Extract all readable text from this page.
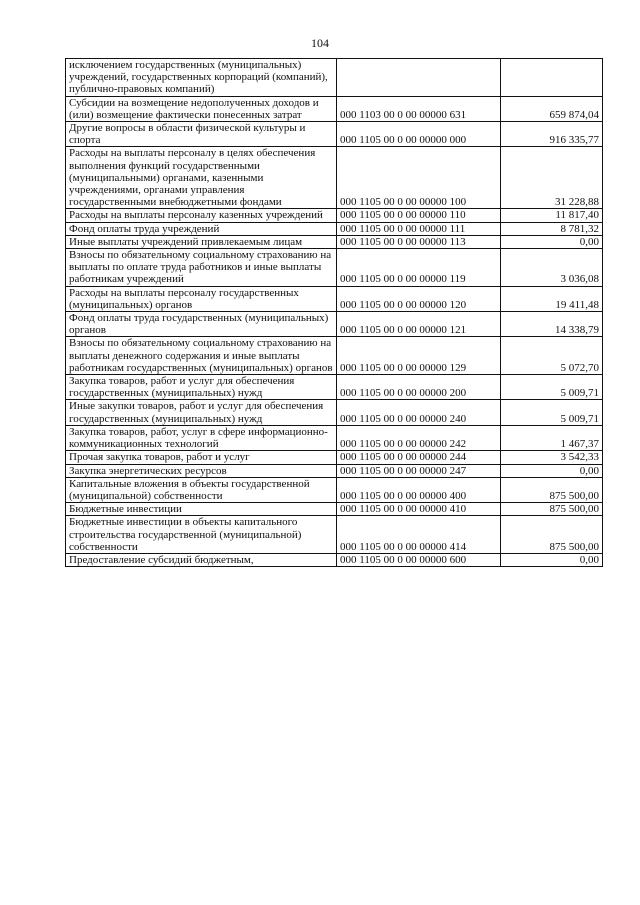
104
исключением государственных (муниципальных) учреждений, государственных корпораций (компаний), публично-правовых компаний)		
Субсидии на возмещение недополученных доходов и (или) возмещение фактически понесенных затрат	000 1103 00 0 00 00000 631	659 874,04
Другие вопросы в области физической культуры и спорта	000 1105 00 0 00 00000 000	916 335,77
Расходы на выплаты персоналу в целях обеспечения выполнения функций государственными (муниципальными) органами, казенными учреждениями, органами управления государственными внебюджетными фондами	000 1105 00 0 00 00000 100	31 228,88
Расходы на выплаты персоналу казенных учреждений	000 1105 00 0 00 00000 110	11 817,40
Фонд оплаты труда учреждений	000 1105 00 0 00 00000 111	8 781,32
Иные выплаты учреждений привлекаемым лицам	000 1105 00 0 00 00000 113	0,00
Взносы по обязательному социальному страхованию на выплаты по оплате труда работников и иные выплаты работникам учреждений	000 1105 00 0 00 00000 119	3 036,08
Расходы на выплаты персоналу государственных (муниципальных) органов	000 1105 00 0 00 00000 120	19 411,48
Фонд оплаты труда государственных (муниципальных) органов	000 1105 00 0 00 00000 121	14 338,79
Взносы по обязательному социальному страхованию на выплаты денежного содержания и иные выплаты работникам государственных (муниципальных) органов	000 1105 00 0 00 00000 129	5 072,70
Закупка товаров, работ и услуг для обеспечения государственных (муниципальных) нужд	000 1105 00 0 00 00000 200	5 009,71
Иные закупки товаров, работ и услуг для обеспечения государственных (муниципальных) нужд	000 1105 00 0 00 00000 240	5 009,71
Закупка товаров, работ, услуг в сфере информационно-коммуникационных технологий	000 1105 00 0 00 00000 242	1 467,37
Прочая закупка товаров, работ и услуг	000 1105 00 0 00 00000 244	3 542,33
Закупка энергетических ресурсов	000 1105 00 0 00 00000 247	0,00
Капитальные вложения в объекты государственной (муниципальной) собственности	000 1105 00 0 00 00000 400	875 500,00
Бюджетные инвестиции	000 1105 00 0 00 00000 410	875 500,00
Бюджетные инвестиции в объекты капитального строительства государственной (муниципальной) собственности	000 1105 00 0 00 00000 414	875 500,00
Предоставление субсидий бюджетным,	000 1105 00 0 00 00000 600	0,00
